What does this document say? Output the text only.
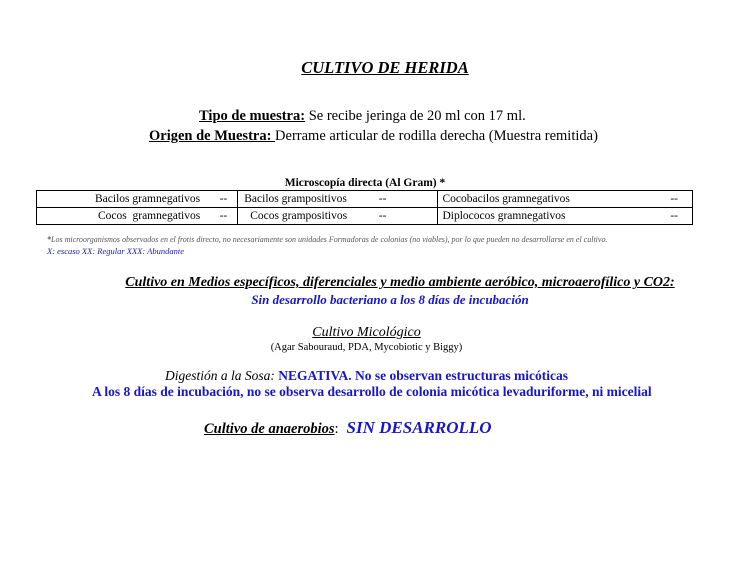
CULTIVO DE HERIDA
Tipo de muestra: Se recibe jeringa de 20 ml con 17 ml.
Origen de Muestra: Derrame articular de rodilla derecha (Muestra remitida)
Microscopía directa (Al Gram) *
Bacilos gramnegativos --	Bacilos grampositivos --	Cocobacilos gramnegativos --

Cocos  gramnegativos --	Cocos grampositivos --	Diplococos gramnegativos --
*Los microorganismos observados en el frotis directo, no necesariamente son unidades Formadoras de colonias (no viables), por lo que pueden no desarrollarse en el cultivo.
X: escaso XX: Regular XXX: Abundante
Cultivo en Medios específicos, diferenciales y medio ambiente aeróbico, microaerofílico y CO2:
Sin desarrollo bacteriano a los 8 días de incubación
Cultivo Micológico
(Agar Sabouraud, PDA, Mycobiotic y Biggy)
Digestión a la Sosa: NEGATIVA. No se observan estructuras micóticas
A los 8 días de incubación, no se observa desarrollo de colonia micótica levaduriforme, ni micelial
Cultivo de anaerobios: SIN DESARROLLO
